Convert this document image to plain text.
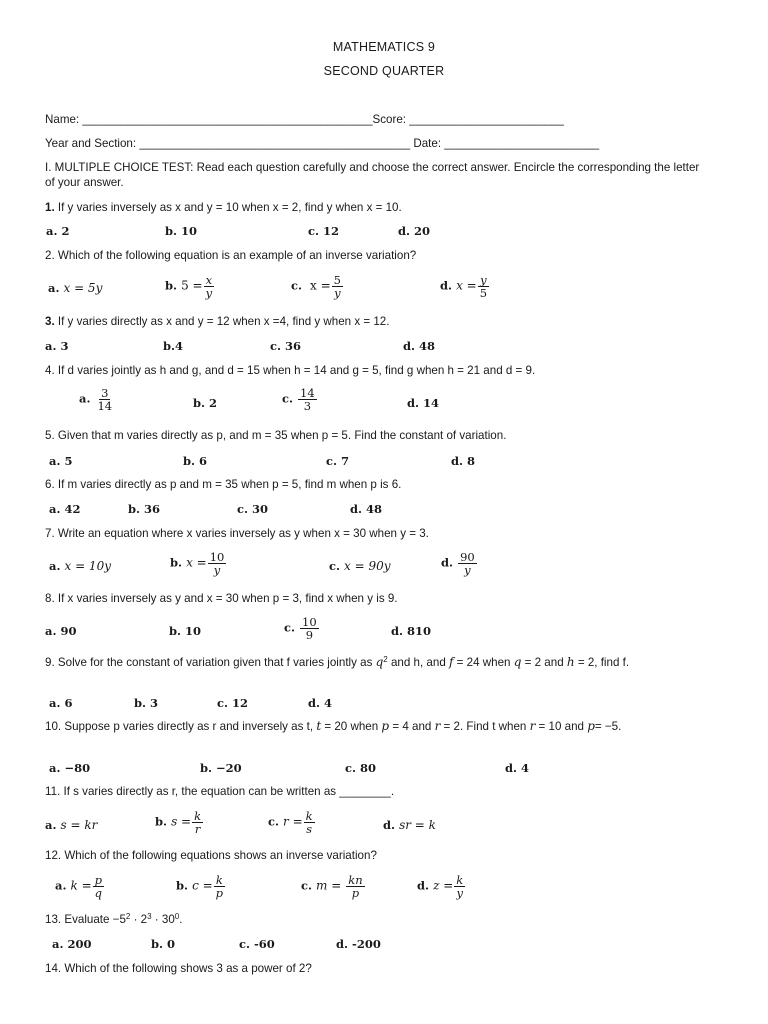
MATHEMATICS 9
SECOND QUARTER
Name: _____________________________________________Score: ________________________
Year and Section: __________________________________________ Date: ________________________
I. MULTIPLE CHOICE TEST: Read each question carefully and choose the correct answer. Encircle the corresponding the letter of your answer.
1. If y varies inversely as x and y = 10 when x = 2, find y when x = 10.
a. 2	b. 10	c. 12	d. 20
2. Which of the following equation is an example of an inverse variation?
a. x = 5y	b. $5 = \frac{x}{y}$	c. $x = \frac{5}{y}$	d. $x = \frac{y}{5}$
3. If y varies directly as x and y = 12 when x =4, find y when x = 12.
a. 3	b.4	c. 36	d. 48
4. If d varies jointly as h and g, and d = 15 when h = 14 and g = 5, find g when h = 21 and d = 9.
a. $\frac{3}{14}$	b. 2	c. $\frac{14}{3}$	d. 14
5. Given that m varies directly as p, and m = 35 when p = 5. Find the constant of variation.
a. 5	b. 6	c. 7	d. 8
6. If m varies directly as p and m = 35 when p = 5, find m when p is 6.
a. 42	b. 36	c. 30	d. 48
7. Write an equation where x varies inversely as y when x = 30 when y = 3.
a. x = 10y	b. $x = \frac{10}{y}$	c. x = 90y	d. $\frac{90}{y}$
8. If x varies inversely as y and x = 30 when p = 3, find x when y is 9.
a. 90	b. 10	c. $\frac{10}{9}$	d. 810
9. Solve for the constant of variation given that f varies jointly as $q^2$ and h, and f = 24 when q = 2 and h = 2, find f.
a. 6	b. 3	c. 12	d. 4
10. Suppose p varies directly as r and inversely as t, t = 20 when p = 4 and r = 2. Find t when r = 10 and p= −5.
a. −80	b. −20	c. 80	d. 4
11. If s varies directly as r, the equation can be written as ________.
a. s = kr	b. $s = \frac{k}{r}$	c. $r = \frac{k}{s}$	d. sr = k
12. Which of the following equations shows an inverse variation?
a. $k = \frac{p}{q}$	b. $c = \frac{k}{p}$	c. $m = \frac{kn}{p}$	d. $z = \frac{k}{y}$
13. Evaluate $-5^2 \cdot 2^3 \cdot 30^0$.
a. 200	b. 0	c. -60	d. -200
14. Which of the following shows 3 as a power of 2?
